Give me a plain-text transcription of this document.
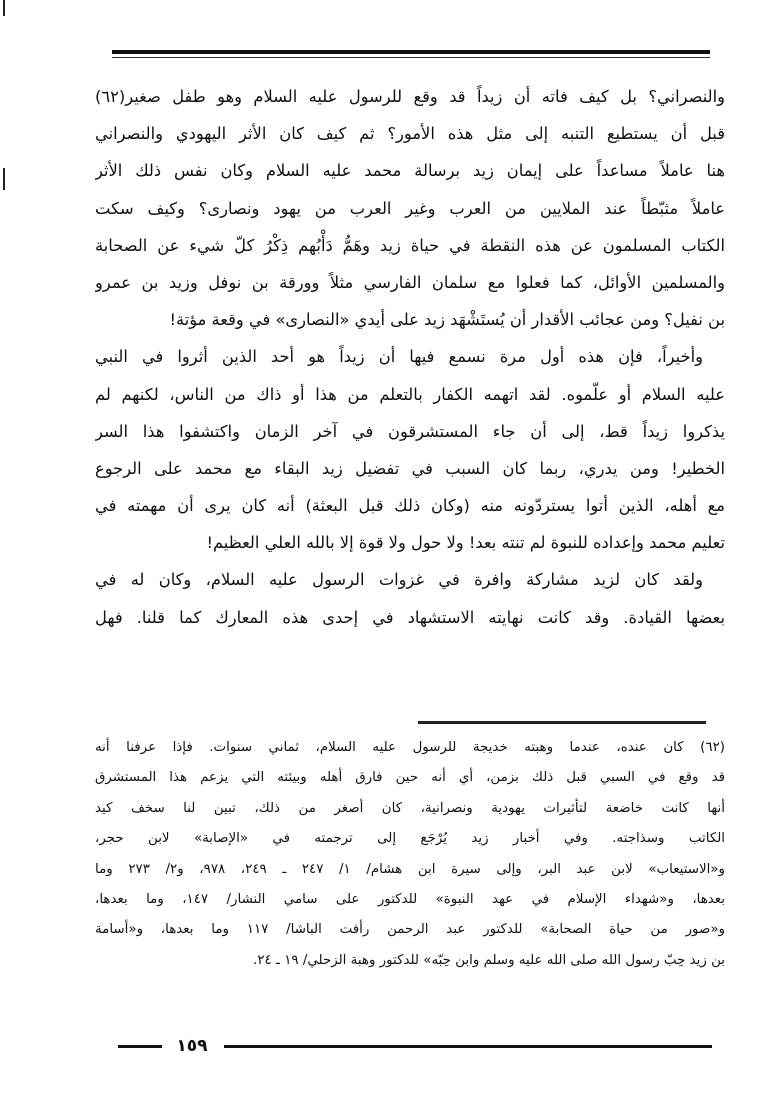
والنصراني؟ بل كيف فاته أن زيداً قد وقع للرسول عليه السلام وهو طفل صغير(٦٢)
قبل أن يستطيع التنبه إلى مثل هذه الأمور؟ ثم كيف كان الأثر اليهودي والنصراني
هنا عاملاً مساعداً على إيمان زيد برسالة محمد عليه السلام وكان نفس ذلك الأثر
عاملاً مثبّطاً عند الملايين من العرب وغير العرب من يهود ونصارى؟ وكيف سكت
الكتاب المسلمون عن هذه النقطة في حياة زيد وهَمُّ دَأْبُهم ذِكْرُ كلّ شيء عن الصحابة
والمسلمين الأوائل، كما فعلوا مع سلمان الفارسي مثلاً وورقة بن نوفل وزيد بن عمرو
بن نفيل؟ ومن عجائب الأقدار أن يُستَشْهَد زيد على أيدي «النصارى» في وقعة مؤتة!
وأخيراً، فإن هذه أول مرة نسمع فيها أن زيداً هو أحد الذين أثروا في النبي
عليه السلام أو علّموه. لقد اتهمه الكفار بالتعلم من هذا أو ذاك من الناس، لكنهم لم
يذكروا زيداً قط، إلى أن جاء المستشرقون في آخر الزمان واكتشفوا هذا السر
الخطير! ومن يدري، ربما كان السبب في تفضيل زيد البقاء مع محمد على الرجوع
مع أهله، الذين أتوا يستردّونه منه (وكان ذلك قبل البعثة) أنه كان يرى أن مهمته في
تعليم محمد وإعداده للنبوة لم تنته بعد! ولا حول ولا قوة إلا بالله العلي العظيم!
ولقد كان لزيد مشاركة وافرة في غزوات الرسول عليه السلام، وكان له في
بعضها القيادة. وقد كانت نهايته الاستشهاد في إحدى هذه المعارك كما قلنا. فهل
(٦٢) كان عنده، عندما وهبته خديجة للرسول عليه السلام، ثماني سنوات. فإذا عرفنا أنه
قد وقع في السبي قبل ذلك بزمن، أي أنه حين فارق أهله وبيئته التي يزعم هذا المستشرق
أنها كانت خاضعة لتأثيرات يهودية ونصرانية، كان أصغر من ذلك، تبين لنا سخف كيد
الكاتب وسذاجته. وفي أخبار زيد يُرْجَع إلى ترجمته في «الإصابة» لابن حجر،
و«الاستيعاب» لابن عبد البر، وإلى سيرة ابن هشام/ ١/ ٢٤٧ ـ ٢٤٩، ٩٧٨، و٢/ ٢٧٣ وما
بعدها، و«شهداء الإسلام في عهد النبوة» للدكتور على سامي النشار/ ١٤٧، وما بعدها،
و«صور من حياة الصحابة» للدكتور عبد الرحمن رأفت الباشا/ ١١٧ وما بعدها، و«أسامة
بن زيد حِبّ رسول الله صلى الله عليه وسلم وابن حِبّه» للدكتور وهبة الزحلي/ ١٩ ـ ٢٤.
١٥٩
